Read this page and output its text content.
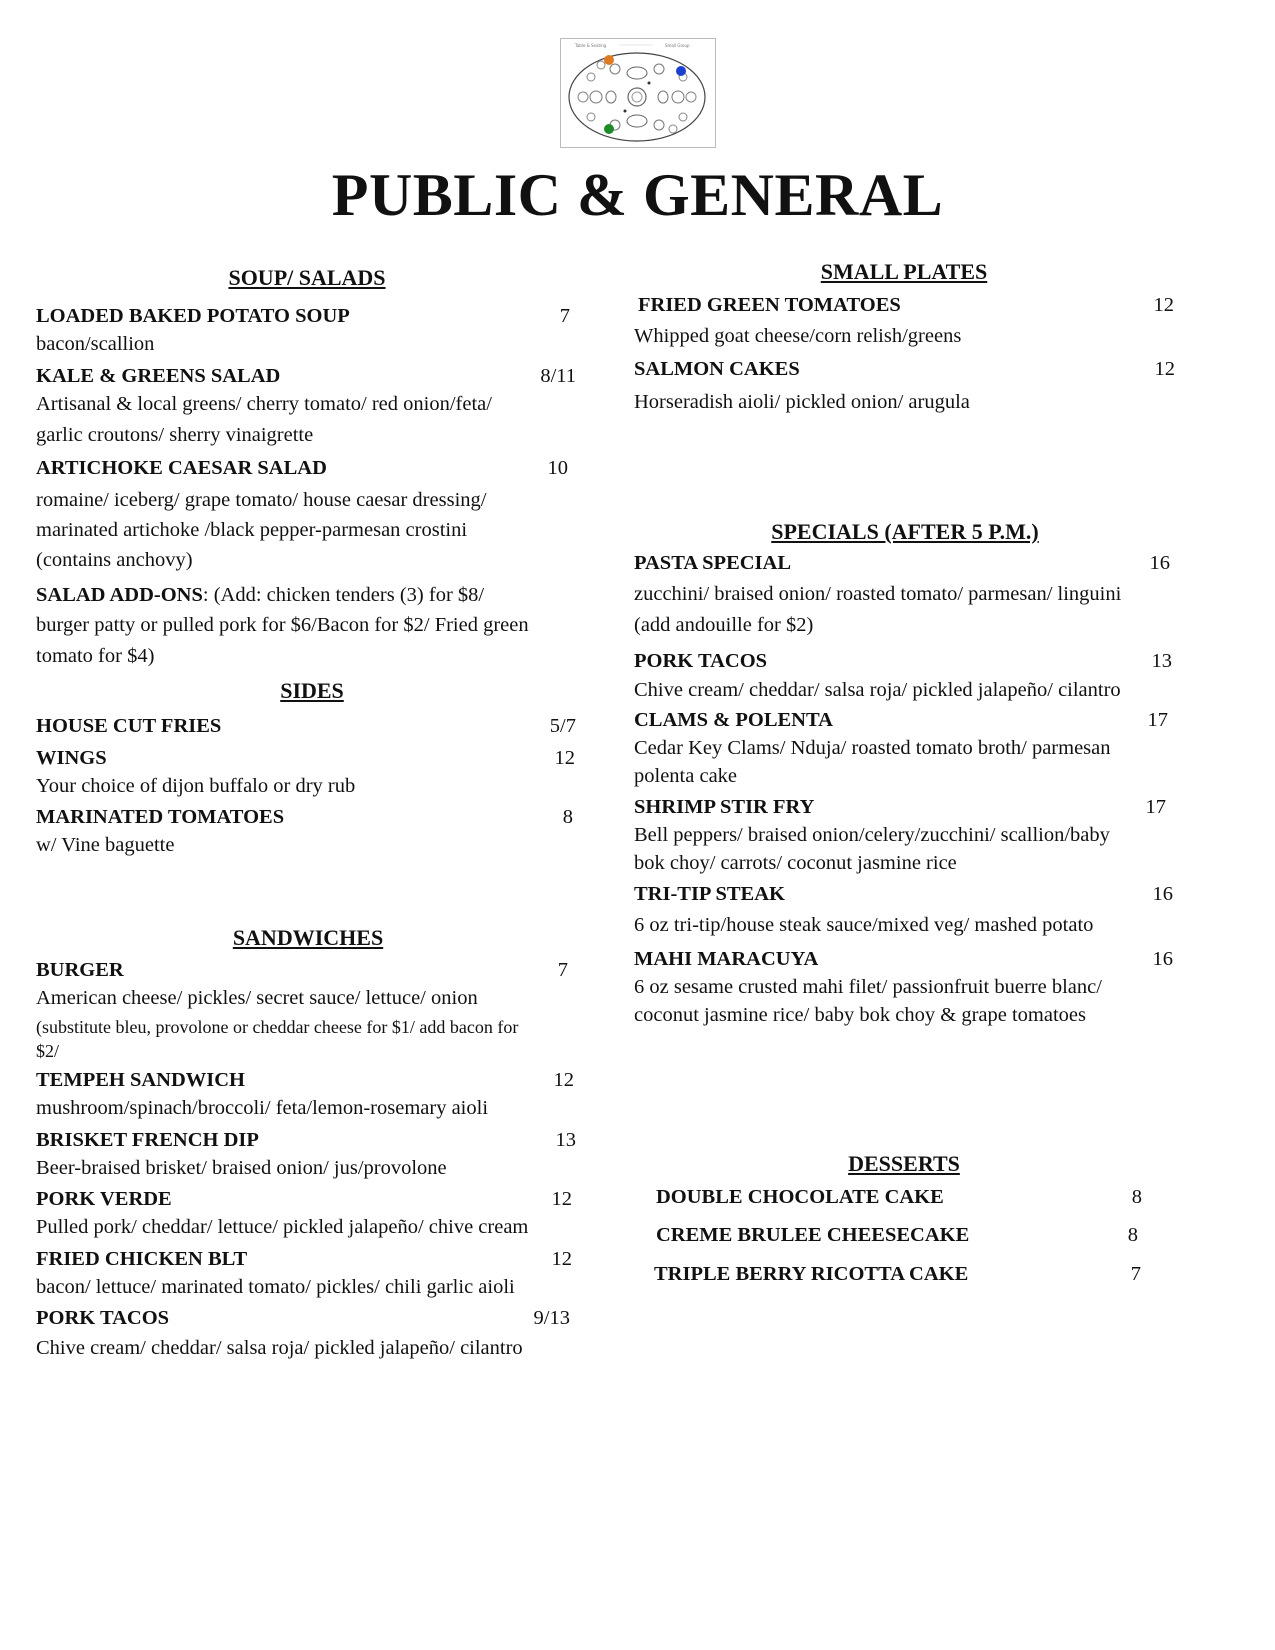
Table & Seating	Small Group
PUBLIC & GENERAL
SOUP/ SALADS
LOADED BAKED POTATO SOUP	7
bacon/scallion
KALE & GREENS SALAD	8/11
Artisanal & local greens/ cherry tomato/ red onion/feta/
garlic croutons/ sherry vinaigrette
ARTICHOKE CAESAR SALAD	10
romaine/ iceberg/ grape tomato/ house caesar dressing/
marinated artichoke /black pepper-parmesan crostini
(contains anchovy)
SALAD ADD-ONS: (Add: chicken tenders (3) for $8/
burger patty or pulled pork for $6/Bacon for $2/ Fried green
tomato for $4)
SIDES
HOUSE CUT FRIES	5/7
WINGS	12
Your choice of dijon buffalo or dry rub
MARINATED TOMATOES	8
w/ Vine baguette
SANDWICHES
BURGER	7
American cheese/ pickles/ secret sauce/ lettuce/ onion
(substitute bleu, provolone or cheddar cheese for $1/ add bacon for
$2/
TEMPEH SANDWICH	12
mushroom/spinach/broccoli/ feta/lemon-rosemary aioli
BRISKET FRENCH DIP	13
Beer-braised brisket/ braised onion/ jus/provolone
PORK VERDE	12
Pulled pork/ cheddar/ lettuce/ pickled jalapeño/ chive cream
FRIED CHICKEN BLT	12
bacon/ lettuce/ marinated tomato/ pickles/ chili garlic aioli
PORK TACOS	9/13
Chive cream/ cheddar/ salsa roja/ pickled jalapeño/ cilantro
SMALL PLATES
FRIED GREEN TOMATOES	12
Whipped goat cheese/corn relish/greens
SALMON CAKES	12
Horseradish aioli/ pickled onion/ arugula
SPECIALS (AFTER 5 P.M.)
PASTA SPECIAL	16
zucchini/ braised onion/ roasted tomato/ parmesan/ linguini
(add andouille for $2)
PORK TACOS	13
Chive cream/ cheddar/ salsa roja/ pickled jalapeño/ cilantro
CLAMS & POLENTA	17
Cedar Key Clams/ Nduja/ roasted tomato broth/ parmesan
polenta cake
SHRIMP STIR FRY	17
Bell peppers/ braised onion/celery/zucchini/ scallion/baby
bok choy/ carrots/ coconut jasmine rice
TRI-TIP STEAK	16
6 oz tri-tip/house steak sauce/mixed veg/ mashed potato
MAHI MARACUYA	16
6 oz sesame crusted mahi filet/ passionfruit buerre blanc/
coconut jasmine rice/ baby bok choy & grape tomatoes
DESSERTS
DOUBLE CHOCOLATE CAKE	8
CREME BRULEE CHEESECAKE	8
TRIPLE BERRY RICOTTA CAKE	7
